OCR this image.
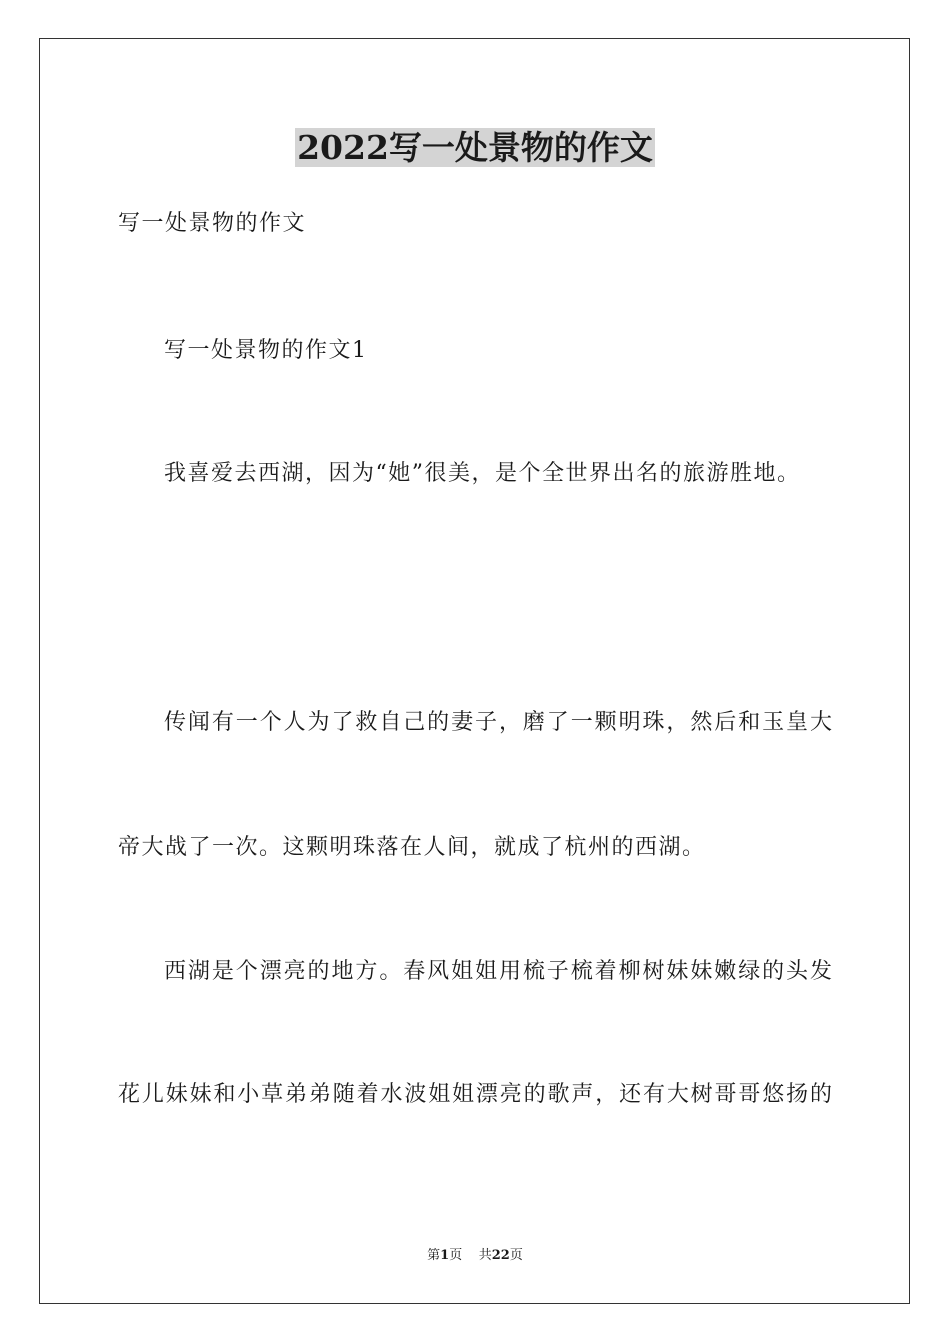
2022写一处景物的作文
写一处景物的作文
写一处景物的作文1
我喜爱去西湖，因为“她”很美，是个全世界出名的旅游胜地。
传闻有一个人为了救自己的妻子，磨了一颗明珠，然后和玉皇大
帝大战了一次。这颗明珠落在人间，就成了杭州的西湖。
西湖是个漂亮的地方。春风姐姐用梳子梳着柳树妹妹嫩绿的头发
花儿妹妹和小草弟弟随着水波姐姐漂亮的歌声，还有大树哥哥悠扬的
第1页 共22页
